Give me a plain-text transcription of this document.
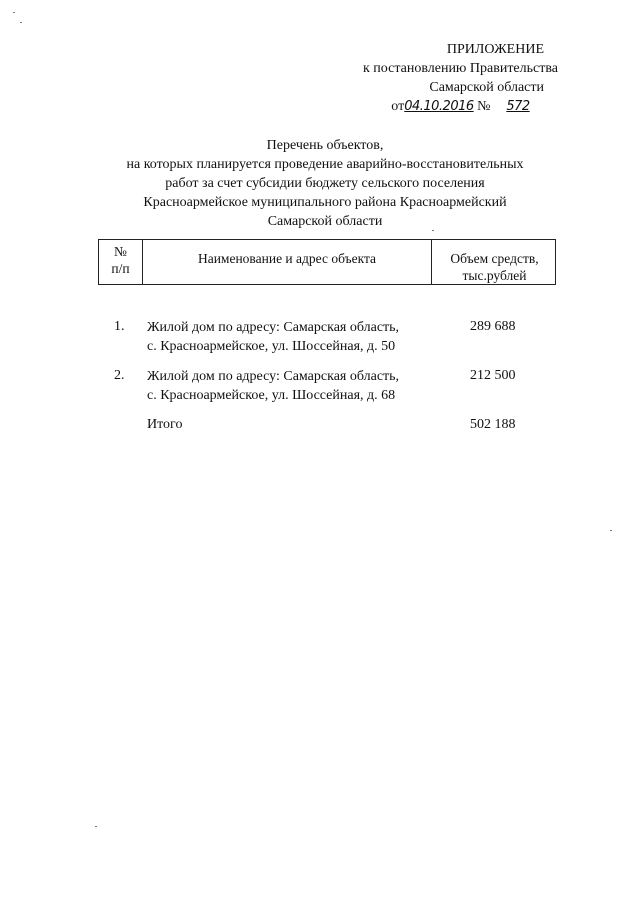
ПРИЛОЖЕНИЕ
к постановлению Правительства
Самарской области
от04.10.2016 № 572
Перечень объектов,
на которых планируется проведение аварийно-восстановительных
работ за счет субсидии бюджету сельского поселения
Красноармейское муниципального района Красноармейский
Самарской области
№
п/п
Наименование и адрес объекта	Объем средств,
тыс.рублей
1. Жилой дом по адресу: Самарская область,
с. Красноармейское, ул. Шоссейная, д. 50
289 688
2. Жилой дом по адресу: Самарская область,
с. Красноармейское, ул. Шоссейная, д. 68
212 500
Итого	502 188
